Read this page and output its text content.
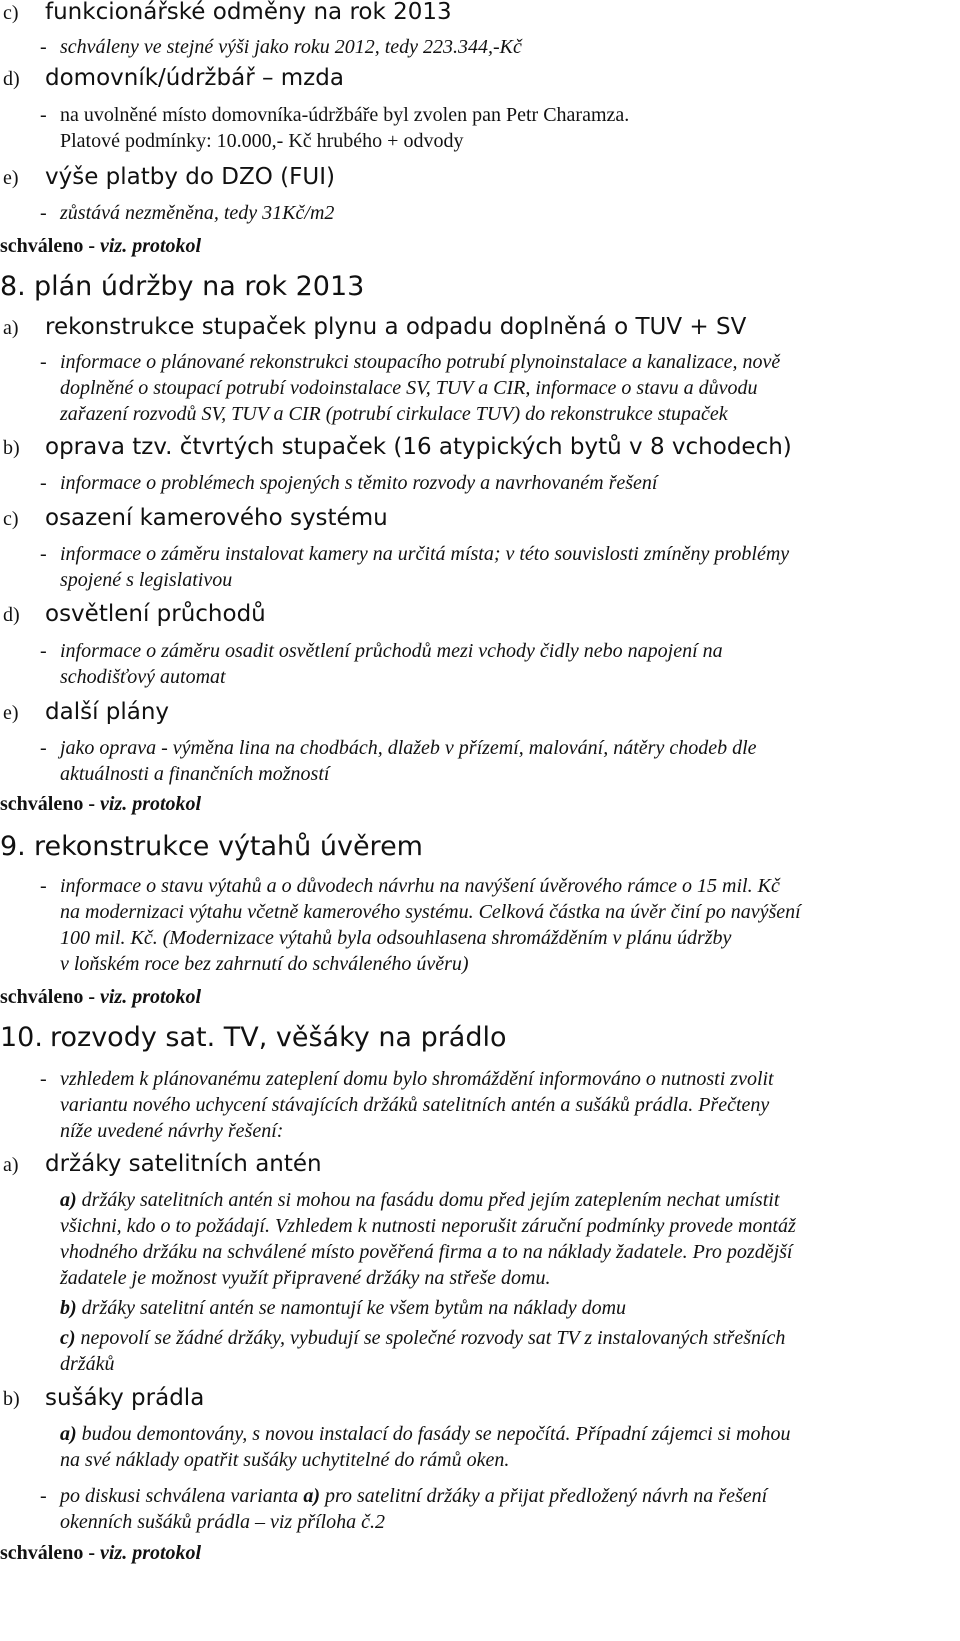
c) funkcionářské odměny na rok 2013
- schváleny ve stejné výši jako roku 2012, tedy 223.344,-Kč
d) domovník/údržbář – mzda
- na uvolněné místo domovníka-údržbáře byl zvolen pan Petr Charamza.
Platové podmínky: 10.000,- Kč hrubého + odvody
e) výše platby do DZO (FUI)
- zůstává nezměněna, tedy 31Kč/m2
schváleno - viz. protokol
8. plán údržby na rok 2013
a) rekonstrukce stupaček plynu a odpadu doplněná o TUV + SV
- informace o plánované rekonstrukci stoupacího potrubí plynoinstalace a kanalizace, nově
doplněné o stoupací potrubí vodoinstalace SV, TUV a CIR, informace o stavu a důvodu
zařazení rozvodů SV, TUV a CIR (potrubí cirkulace TUV) do rekonstrukce stupaček
b) oprava tzv. čtvrtých stupaček (16 atypických bytů v 8 vchodech)
- informace o problémech spojených s těmito rozvody a navrhovaném řešení
c) osazení kamerového systému
- informace o záměru instalovat kamery na určitá místa; v této souvislosti zmíněny problémy
spojené s legislativou
d) osvětlení průchodů
- informace o záměru osadit osvětlení průchodů mezi vchody čidly nebo napojení na
schodišťový automat
e) další plány
- jako oprava - výměna lina na chodbách, dlažeb v přízemí, malování, nátěry chodeb dle
aktuálnosti a finančních možností
schváleno - viz. protokol
9. rekonstrukce výtahů úvěrem
- informace o stavu výtahů a o důvodech návrhu na navýšení úvěrového rámce o 15 mil. Kč
na modernizaci výtahu včetně kamerového systému. Celková částka na úvěr činí po navýšení
100 mil. Kč. (Modernizace výtahů byla odsouhlasena shromážděním v plánu údržby
v loňském roce bez zahrnutí do schváleného úvěru)
schváleno - viz. protokol
10. rozvody sat. TV, věšáky na prádlo
- vzhledem k plánovanému zateplení domu bylo shromáždění informováno o nutnosti zvolit
variantu nového uchycení stávajících držáků satelitních antén a sušáků prádla. Přečteny
níže uvedené návrhy řešení:
a) držáky satelitních antén
a) držáky satelitních antén si mohou na fasádu domu před jejím zateplením nechat umístit
všichni, kdo o to požádají. Vzhledem k nutnosti neporušit záruční podmínky provede montáž
vhodného držáku na schválené místo pověřená firma a to na náklady žadatele. Pro pozdější
žadatele je možnost využít připravené držáky na střeše domu.
b) držáky satelitní antén se namontují ke všem bytům na náklady domu
c) nepovolí se žádné držáky, vybudují se společné rozvody sat TV z instalovaných střešních
držáků
b) sušáky prádla
a) budou demontovány, s novou instalací do fasády se nepočítá. Případní zájemci si mohou
na své náklady opatřit sušáky uchytitelné do rámů oken.
- po diskusi schválena varianta a) pro satelitní držáky a přijat předložený návrh na řešení
okenních sušáků prádla – viz příloha č.2
schváleno - viz. protokol
